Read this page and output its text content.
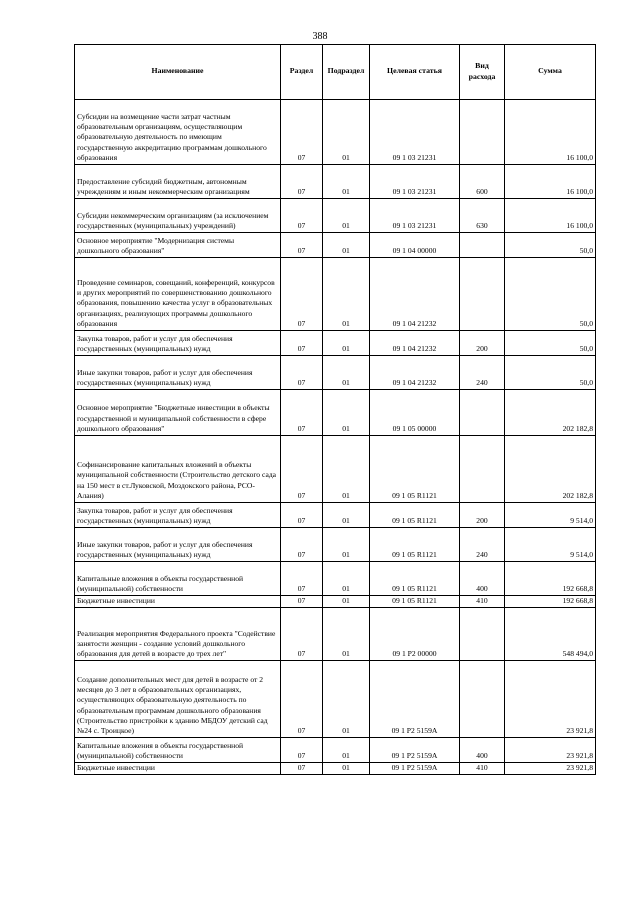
388
Наименование	Раздел	Подраздел	Целевая статья	Вид расхода	Сумма
Субсидии на возмещение части затрат частным образовательным организациям, осуществляющим образовательную деятельность по имеющим государственную аккредитацию программам дошкольного образования	07	01	09 1 03 21231		16 100,0
Предоставление субсидий бюджетным, автономным учреждениям и иным некоммерческим организациям	07	01	09 1 03 21231	600	16 100,0
Субсидии некоммерческим организациям (за исключением государственных (муниципальных) учреждений)	07	01	09 1 03 21231	630	16 100,0
Основное мероприятие "Модернизация системы дошкольного образования"	07	01	09 1 04 00000		50,0
Проведение семинаров, совещаний, конференций, конкурсов и других мероприятий по совершенствованию дошкольного образования, повышению качества услуг в образовательных организациях, реализующих программы дошкольного образования	07	01	09 1 04 21232		50,0
Закупка товаров, работ и услуг для обеспечения государственных (муниципальных) нужд	07	01	09 1 04 21232	200	50,0
Иные закупки товаров, работ и услуг для обеспечения государственных (муниципальных) нужд	07	01	09 1 04 21232	240	50,0
Основное мероприятие "Бюджетные инвестиции в объекты государственной и муниципальной собственности в сфере дошкольного образования"	07	01	09 1 05 00000		202 182,8
Софинансирование капитальных вложений в объекты муниципальной собственности (Строительство детского сада на 150 мест в ст.Луковской, Моздокского района, РСО-Алания)	07	01	09 1 05 R1121		202 182,8
Закупка товаров, работ и услуг для обеспечения государственных (муниципальных) нужд	07	01	09 1 05 R1121	200	9 514,0
Иные закупки товаров, работ и услуг для обеспечения государственных (муниципальных) нужд	07	01	09 1 05 R1121	240	9 514,0
Капитальные вложения в объекты государственной (муниципальной) собственности	07	01	09 1 05 R1121	400	192 668,8
Бюджетные инвестиции	07	01	09 1 05 R1121	410	192 668,8
Реализация мероприятия Федерального проекта "Содействие занятости женщин - создание условий дошкольного образования для детей в возрасте до трех лет"	07	01	09 1 P2 00000		548 494,0
Создание дополнительных мест для детей в возрасте от 2 месяцев до 3 лет в образовательных организациях, осуществляющих образовательную деятельность по образовательным программам дошкольного образования (Строительство пристройки к зданию МБДОУ детский сад №24 с. Троицкое)	07	01	09 1 P2 5159А		23 921,8
Капитальные вложения в объекты государственной (муниципальной) собственности	07	01	09 1 P2 5159А	400	23 921,8
Бюджетные инвестиции	07	01	09 1 P2 5159А	410	23 921,8
